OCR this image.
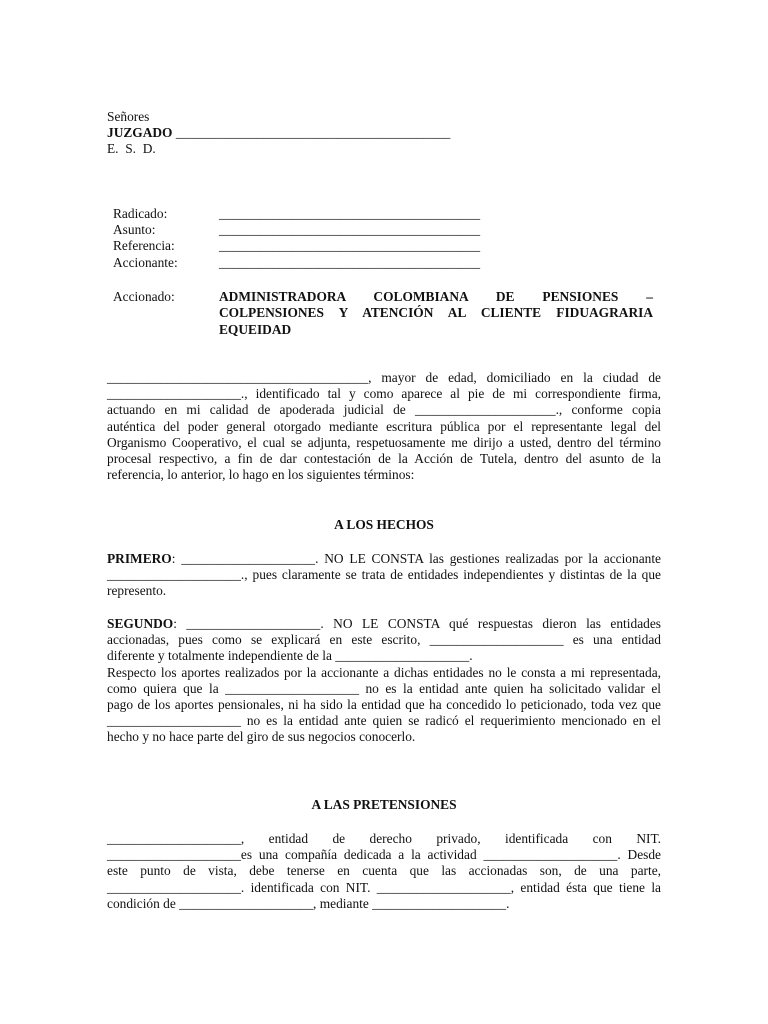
Señores
JUZGADO _________________________________________
E.  S.  D.
Radicado:	_______________________________________
Asunto:	_______________________________________
Referencia:	_______________________________________
Accionante:	_______________________________________
Accionado:	ADMINISTRADORA COLOMBIANA DE PENSIONES –
COLPENSIONES Y ATENCIÓN AL CLIENTE FIDUAGRARIA
EQUEIDAD
_______________________________________, mayor de edad, domiciliado en la ciudad de
____________________., identificado tal y como aparece al pie de mi correspondiente firma,
actuando en mi calidad de apoderada judicial de _____________________., conforme copia
auténtica del poder general otorgado mediante escritura pública por el representante legal del
Organismo Cooperativo, el cual se adjunta, respetuosamente me dirijo a usted, dentro del término
procesal respectivo, a fin de dar contestación de la Acción de Tutela, dentro del asunto de la
referencia, lo anterior, lo hago en los siguientes términos:
A LOS HECHOS
PRIMERO: ____________________. NO LE CONSTA las gestiones realizadas por la accionante
____________________., pues claramente se trata de entidades independientes y distintas de la que
represento.
SEGUNDO: ____________________. NO LE CONSTA qué respuestas dieron las entidades
accionadas, pues como se explicará en este escrito, ____________________ es una entidad
diferente y totalmente independiente de la ____________________.
Respecto los aportes realizados por la accionante a dichas entidades no le consta a mi representada,
como quiera que la ____________________ no es la entidad ante quien ha solicitado validar el
pago de los aportes pensionales, ni ha sido la entidad que ha concedido lo peticionado, toda vez que
____________________ no es la entidad ante quien se radicó el requerimiento mencionado en el
hecho y no hace parte del giro de sus negocios conocerlo.
A LAS PRETENSIONES
____________________, entidad de derecho privado, identificada con NIT.
____________________es una compañía dedicada a la actividad ____________________. Desde
este punto de vista, debe tenerse en cuenta que las accionadas son, de una parte,
____________________. identificada con NIT. ____________________, entidad ésta que tiene la
condición de ____________________, mediante ____________________.
